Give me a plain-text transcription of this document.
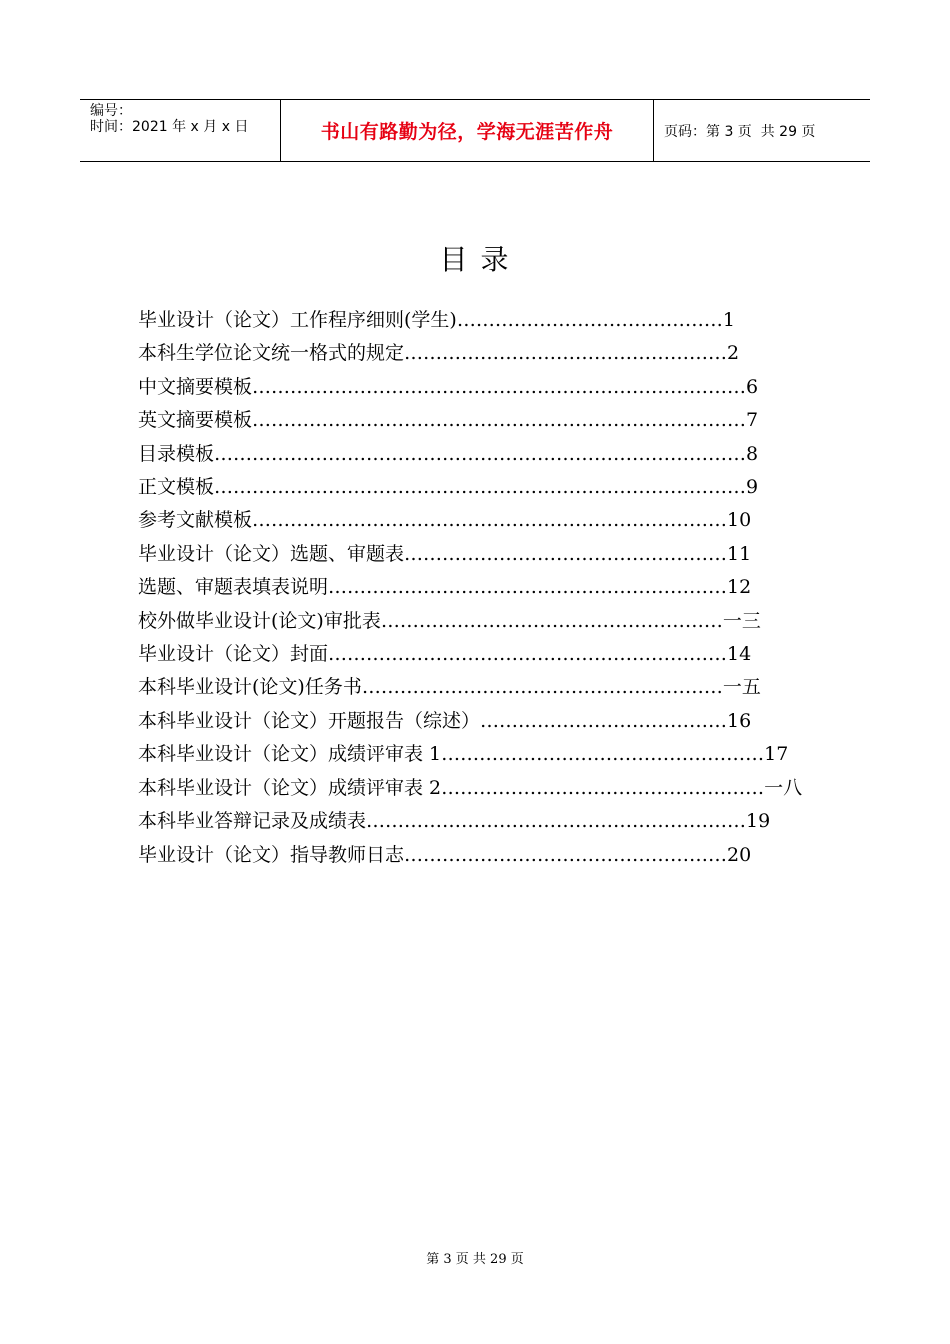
编号：
时间：2021 年 x 月 x 日	书山有路勤为径，学海无涯苦作舟	页码：第 3 页  共 29 页
目 录
毕业设计（论文）工作程序细则(学生)……………………………………1
本科生学位论文统一格式的规定……………………………………………2
中文摘要模板……………………………………………………………………6
英文摘要模板……………………………………………………………………7
目录模板…………………………………………………………………………8
正文模板…………………………………………………………………………9
参考文献模板…………………………………………………………………10
毕业设计（论文）选题、审题表……………………………………………11
选题、审题表填表说明………………………………………………………12
校外做毕业设计(论文)审批表………………………………………………一三
毕业设计（论文）封面………………………………………………………14
本科毕业设计(论文)任务书…………………………………………………一五
本科毕业设计（论文）开题报告（综述）…………………………………16
本科毕业设计（论文）成绩评审表 1……………………………………………17
本科毕业设计（论文）成绩评审表 2……………………………………………一八
本科毕业答辩记录及成绩表……………………………………………………19
毕业设计（论文）指导教师日志……………………………………………20
第 3 页 共 29 页
